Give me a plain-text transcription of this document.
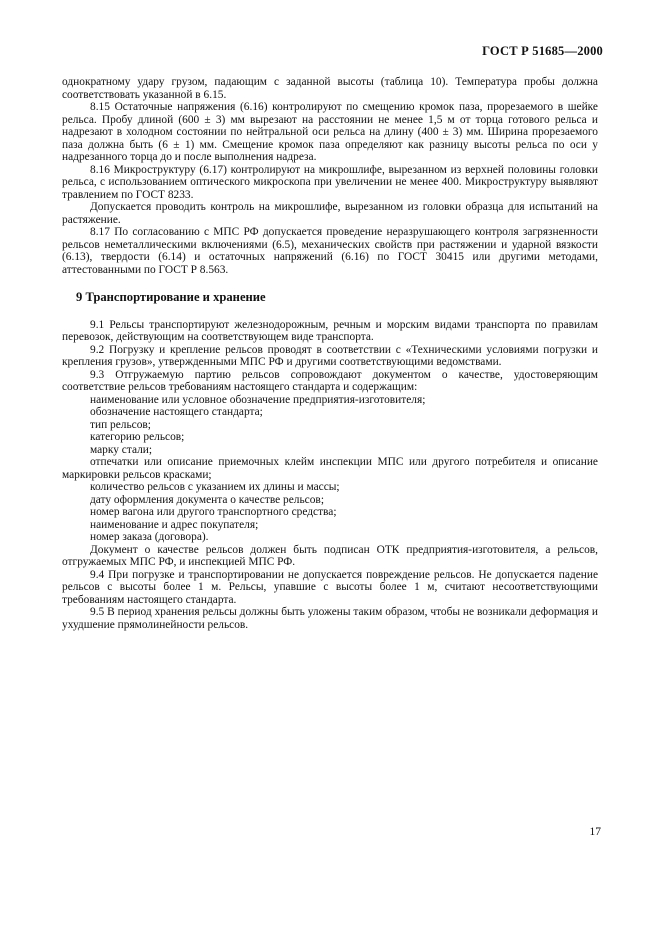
ГОСТ Р 51685—2000

однократному удару грузом, падающим с заданной высоты (таблица 10). Температура пробы должна соответствовать указанной в 6.15.

8.15 Остаточные напряжения (6.16) контролируют по смещению кромок паза, прорезаемого в шейке рельса. Пробу длиной (600 ± 3) мм вырезают на расстоянии не менее 1,5 м от торца готового рельса и надрезают в холодном состоянии по нейтральной оси рельса на длину (400 ± 3) мм. Ширина прорезаемого паза должна быть (6 ± 1) мм. Смещение кромок паза определяют как разницу высоты рельса по оси у надрезанного торца до и после выполнения надреза.

8.16 Микроструктуру (6.17) контролируют на микрошлифе, вырезанном из верхней половины головки рельса, с использованием оптического микроскопа при увеличении не менее 400. Микроструктуру выявляют травлением по ГОСТ 8233.

Допускается проводить контроль на микрошлифе, вырезанном из головки образца для испытаний на растяжение.

8.17 По согласованию с МПС РФ допускается проведение неразрушающего контроля загрязненности рельсов неметаллическими включениями (6.5), механических свойств при растяжении и ударной вязкости (6.13), твердости (6.14) и остаточных напряжений (6.16) по ГОСТ 30415 или другими методами, аттестованными по ГОСТ Р 8.563.

9 Транспортирование и хранение

9.1 Рельсы транспортируют железнодорожным, речным и морским видами транспорта по правилам перевозок, действующим на соответствующем виде транспорта.

9.2 Погрузку и крепление рельсов проводят в соответствии с «Техническими условиями погрузки и крепления грузов», утвержденными МПС РФ и другими соответствующими ведомствами.

9.3 Отгружаемую партию рельсов сопровождают документом о качестве, удостоверяющим соответствие рельсов требованиям настоящего стандарта и содержащим:

наименование или условное обозначение предприятия-изготовителя;

обозначение настоящего стандарта;

тип рельсов;

категорию рельсов;

марку стали;

отпечатки или описание приемочных клейм инспекции МПС или другого потребителя и описание маркировки рельсов красками;

количество рельсов с указанием их длины и массы;

дату оформления документа о качестве рельсов;

номер вагона или другого транспортного средства;

наименование и адрес покупателя;

номер заказа (договора).

Документ о качестве рельсов должен быть подписан ОТК предприятия-изготовителя, а рельсов, отгружаемых МПС РФ, и инспекцией МПС РФ.

9.4 При погрузке и транспортировании не допускается повреждение рельсов. Не допускается падение рельсов с высоты более 1 м. Рельсы, упавшие с высоты более 1 м, считают несоответствующими требованиям настоящего стандарта.

9.5 В период хранения рельсы должны быть уложены таким образом, чтобы не возникали деформация и ухудшение прямолинейности рельсов.

17
